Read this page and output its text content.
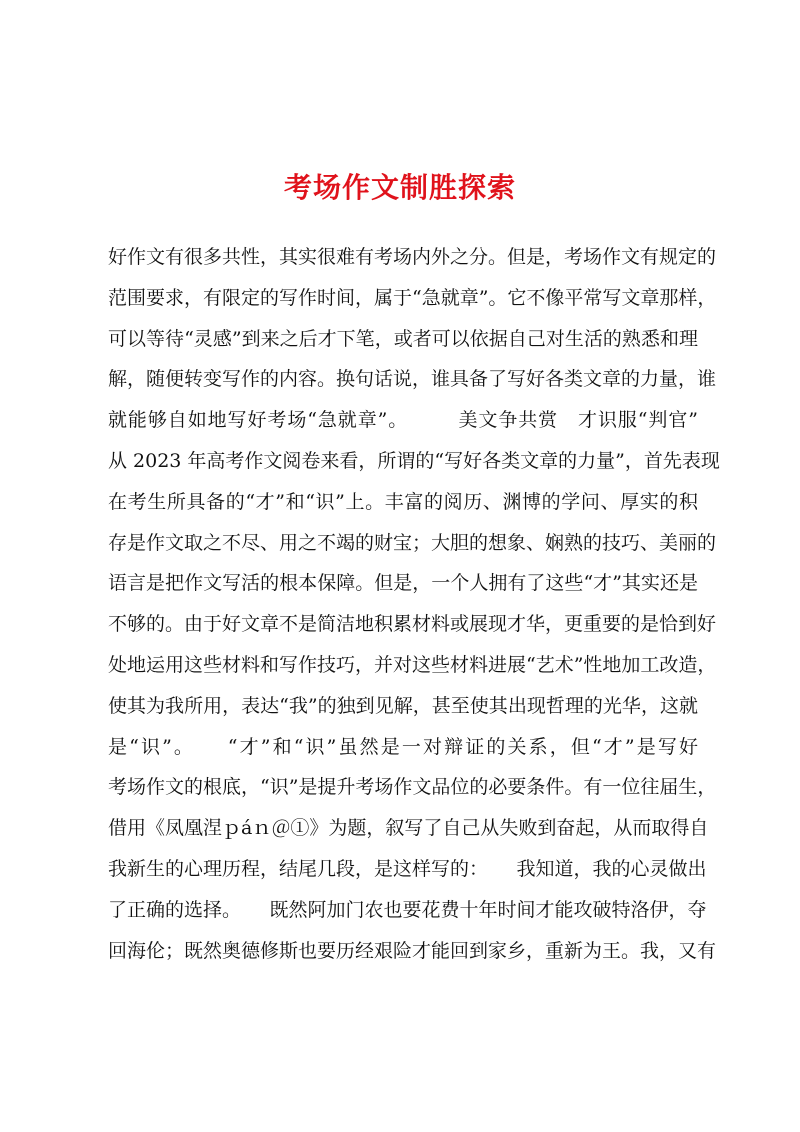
考场作文制胜探索
好作文有很多共性，其实很难有考场内外之分。但是，考场作文有规定的
范围要求，有限定的写作时间，属于“急就章”。它不像平常写文章那样，
可以等待“灵感”到来之后才下笔，或者可以依据自己对生活的熟悉和理
解，随便转变写作的内容。换句话说，谁具备了写好各类文章的力量，谁
就能够自如地写好考场“急就章”。　　　美文争共赏　才识服“判官”
从 2023 年高考作文阅卷来看，所谓的“写好各类文章的力量”，首先表现
在考生所具备的“才”和“识”上。丰富的阅历、渊博的学问、厚实的积
存是作文取之不尽、用之不竭的财宝；大胆的想象、娴熟的技巧、美丽的
语言是把作文写活的根本保障。但是，一个人拥有了这些“才”其实还是
不够的。由于好文章不是简洁地积累材料或展现才华，更重要的是恰到好
处地运用这些材料和写作技巧，并对这些材料进展“艺术”性地加工改造，
使其为我所用，表达“我”的独到见解，甚至使其出现哲理的光华，这就
是“识”。　　“才”和“识”虽然是一对辩证的关系，但“才”是写好
考场作文的根底，“识”是提升考场作文品位的必要条件。有一位往届生，
借用《凤凰涅ｐáｎ＠①》为题，叙写了自己从失败到奋起，从而取得自
我新生的心理历程，结尾几段，是这样写的：　　我知道，我的心灵做出
了正确的选择。　　既然阿加门农也要花费十年时间才能攻破特洛伊，夺
回海伦；既然奥德修斯也要历经艰险才能回到家乡，重新为王。我，又有
